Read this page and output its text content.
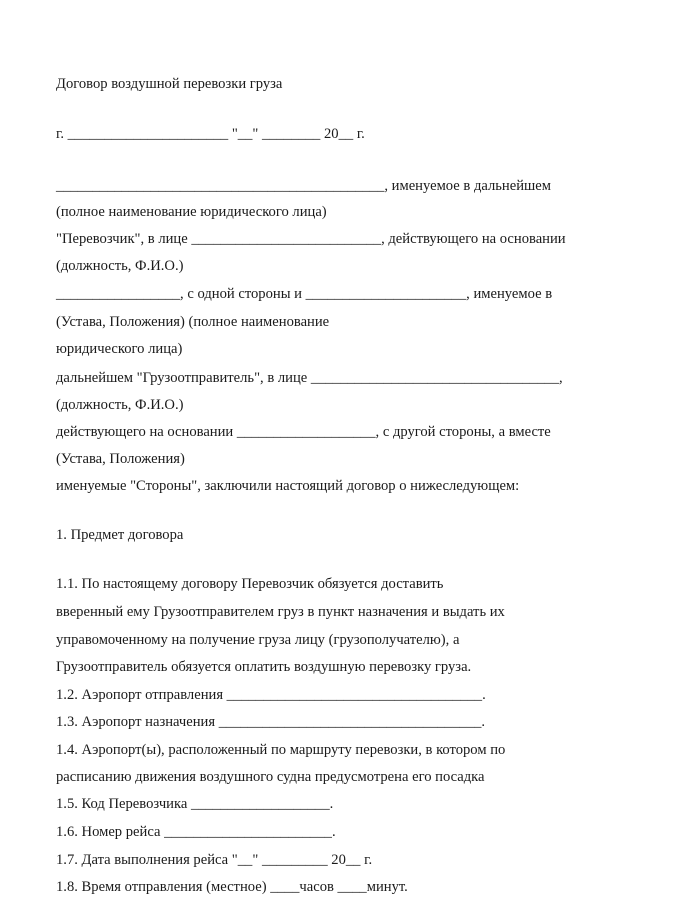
Договор воздушной перевозки груза
г. ______________________ "__" ________ 20__ г.
_____________________________________________, именуемое в дальнейшем
(полное наименование юридического лица)
"Перевозчик", в лице __________________________, действующего на основании
(должность, Ф.И.О.)
_________________, с одной стороны и ______________________, именуемое в
(Устава, Положения) (полное наименование
юридического лица)
дальнейшем "Грузоотправитель", в лице __________________________________,
(должность, Ф.И.О.)
действующего на основании ___________________, с другой стороны, а вместе
(Устава, Положения)
именуемые "Стороны", заключили настоящий договор о нижеследующем:
1. Предмет договора
1.1. По настоящему договору Перевозчик обязуется доставить
вверенный ему Грузоотправителем груз в пункт назначения и выдать их
управомоченному на получение груза лицу (грузополучателю), а
Грузоотправитель обязуется оплатить воздушную перевозку груза.
1.2. Аэропорт отправления ___________________________________.
1.3. Аэропорт назначения ____________________________________.
1.4. Аэропорт(ы), расположенный по маршруту перевозки, в котором по
расписанию движения воздушного судна предусмотрена его посадка
1.5. Код Перевозчика ___________________.
1.6. Номер рейса _______________________.
1.7. Дата выполнения рейса "__" _________ 20__ г.
1.8. Время отправления (местное) ____часов ____минут.
